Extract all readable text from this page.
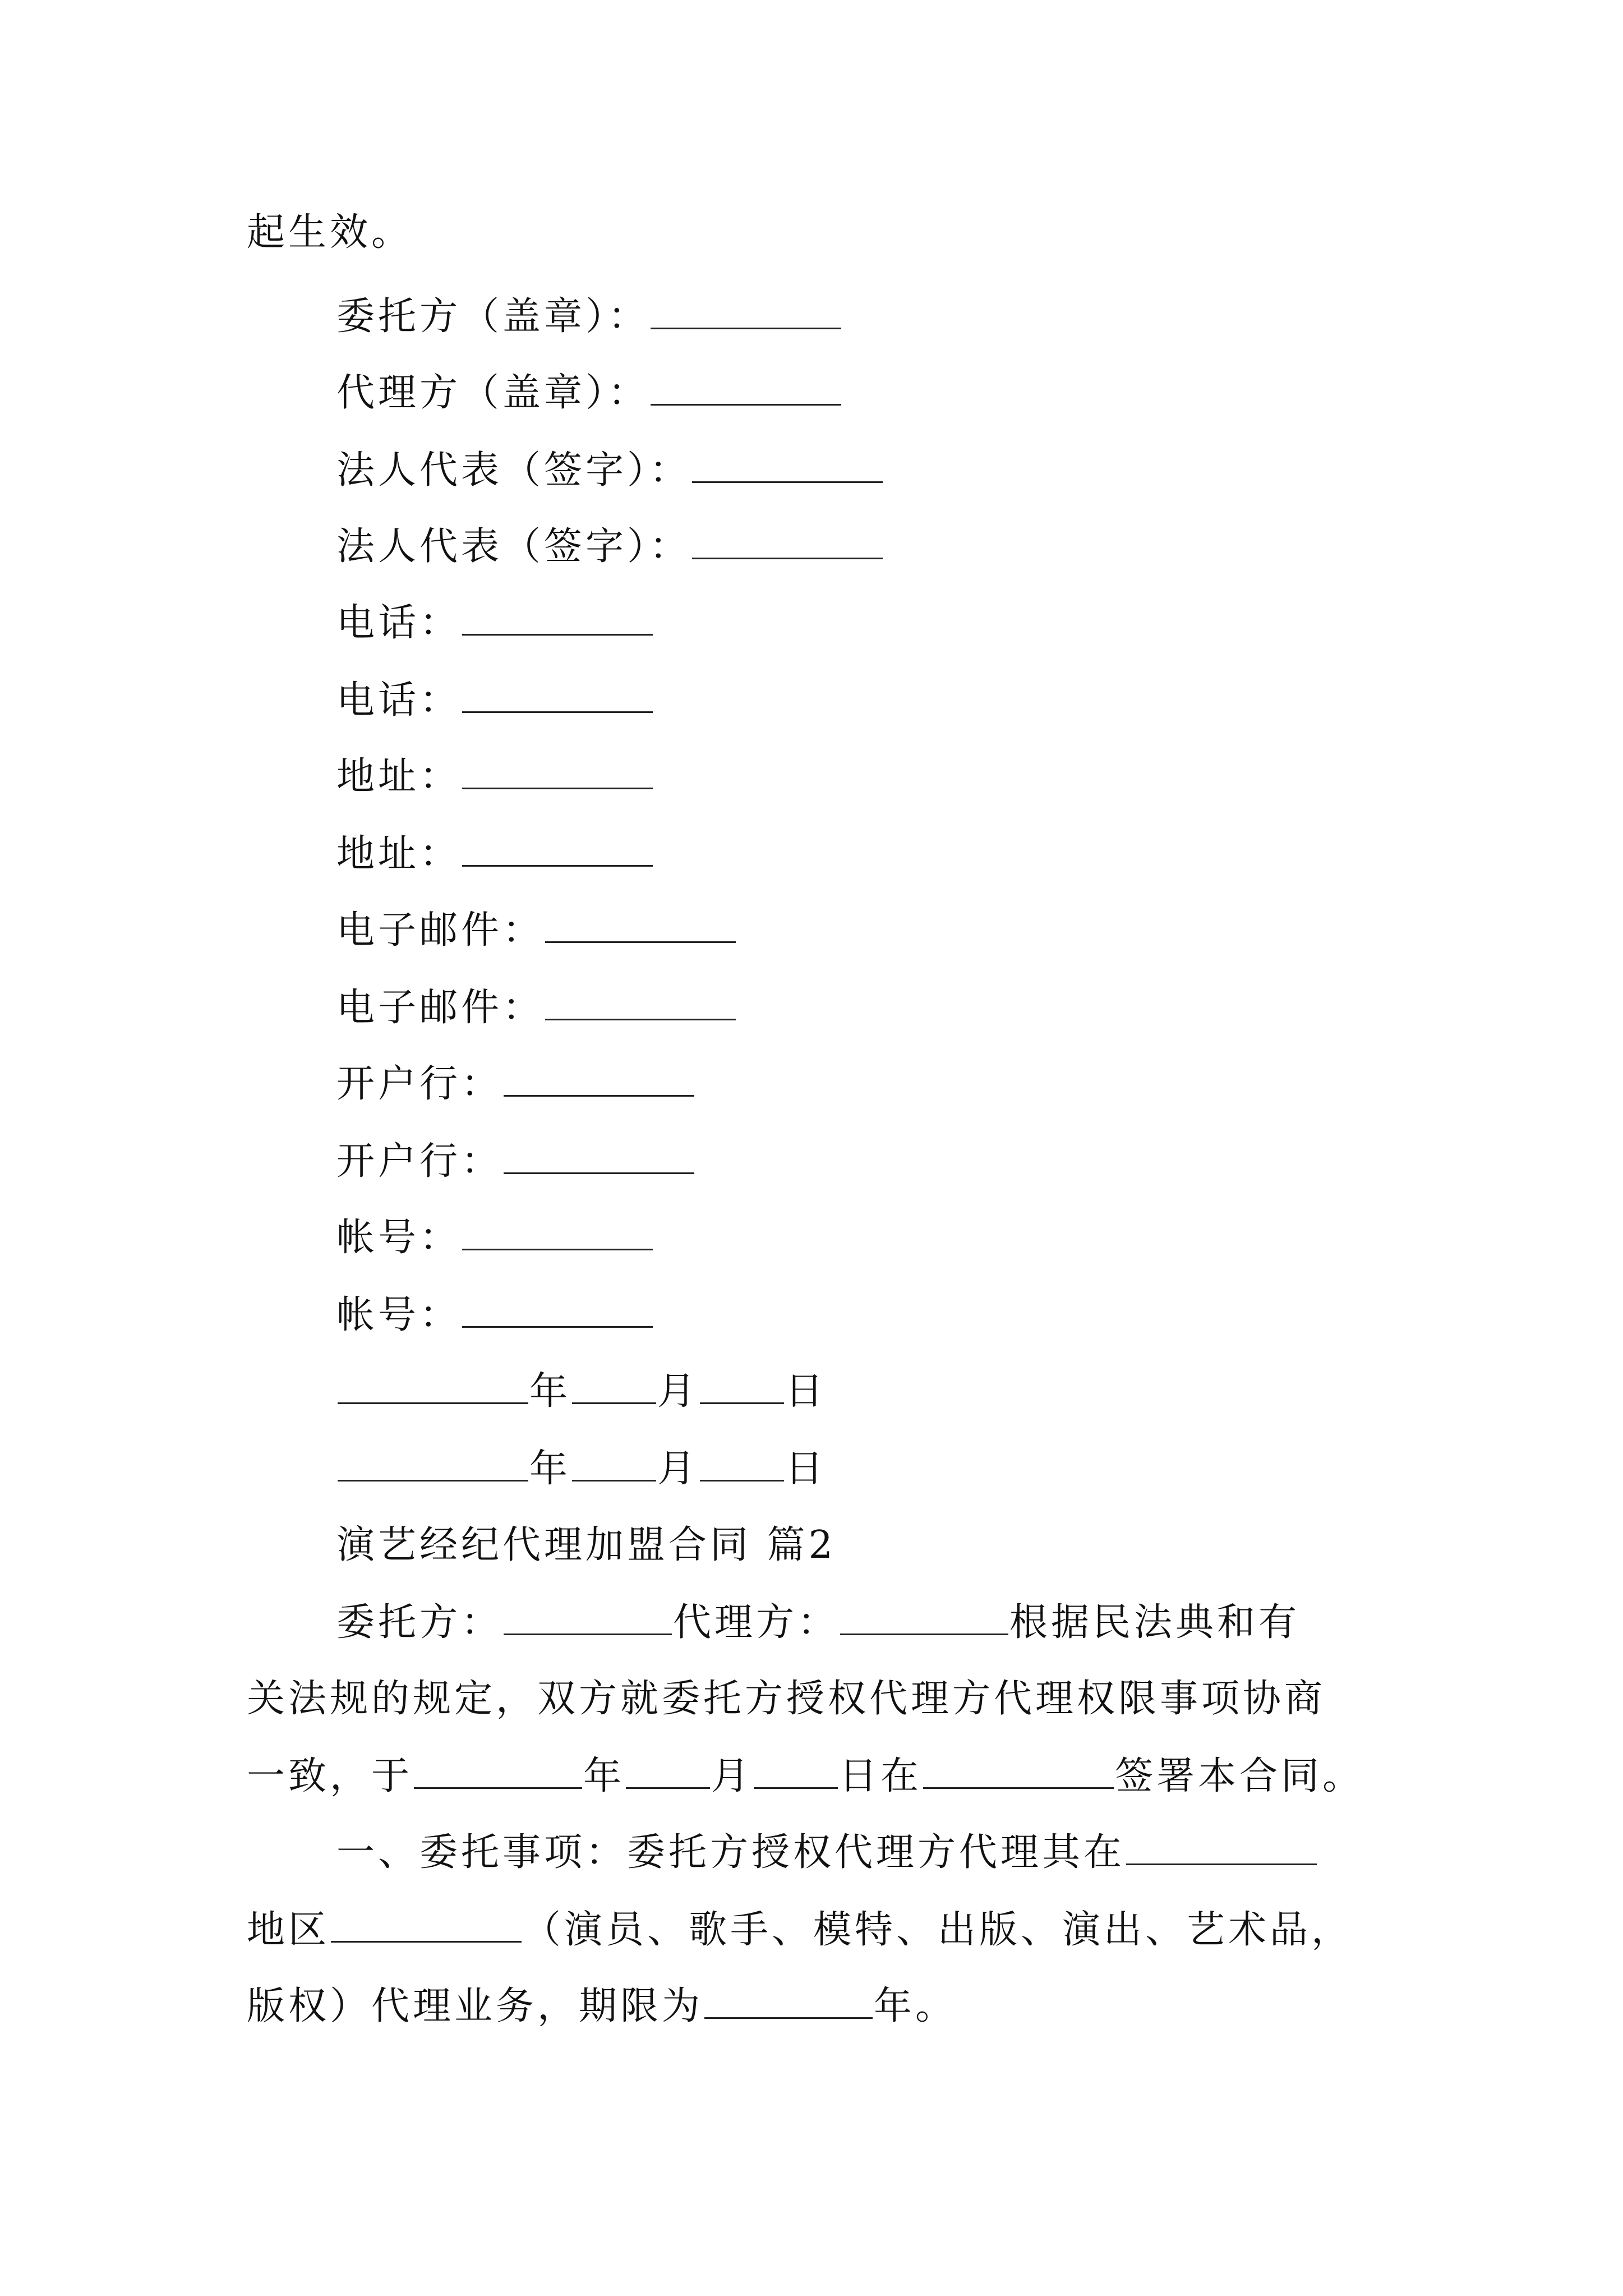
起生效。
委托方（盖章）：
代理方（盖章）：
法人代表（签字）：
法人代表（签字）：
电话：
电话：
地址：
地址：
电子邮件：
电子邮件：
开户行：
开户行：
帐号：
帐号：
年 月 日
年 月 日
演艺经纪代理加盟合同 篇2
委托方：	代理方：	根据民法典和有
关法规的规定，双方就委托方授权代理方代理权限事项协商
一致，于	年 月 日在	签署本合同。
一、委托事项：委托方授权代理方代理其在
地区	（演员、歌手、模特、出版、演出、艺术品，
版权）代理业务，期限为	年。
